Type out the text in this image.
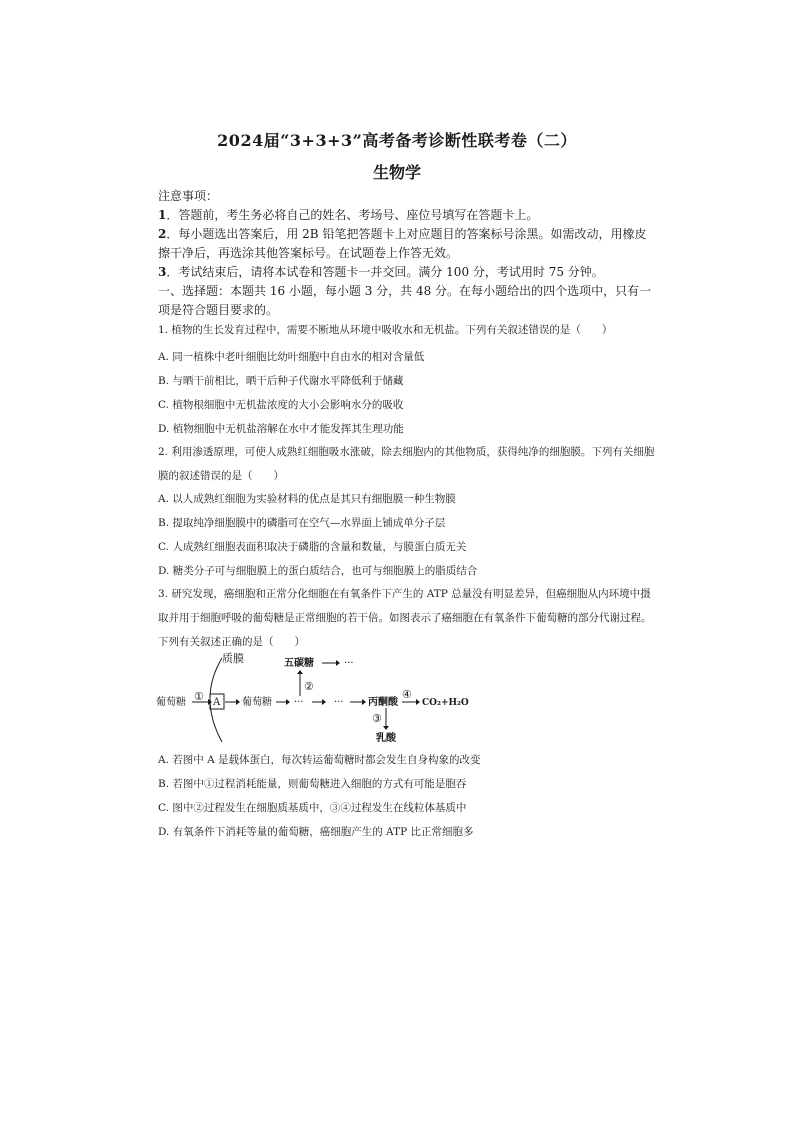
2024届“3+3+3”高考备考诊断性联考卷（二）
生物学

注意事项：

1．答题前，考生务必将自己的姓名、考场号、座位号填写在答题卡上。

2．每小题选出答案后，用 2B 铅笔把答题卡上对应题目的答案标号涂黑。如需改动，用橡皮擦干净后，再选涂其他答案标号。在试题卷上作答无效。

3．考试结束后，请将本试卷和答题卡一并交回。满分 100 分，考试用时 75 分钟。

一、选择题：本题共 16 小题，每小题 3 分，共 48 分。在每小题给出的四个选项中，只有一项是符合题目要求的。

1. 植物的生长发育过程中，需要不断地从环境中吸收水和无机盐。下列有关叙述错误的是（　　）

A. 同一植株中老叶细胞比幼叶细胞中自由水的相对含量低
B. 与晒干前相比，晒干后种子代谢水平降低利于储藏
C. 植物根细胞中无机盐浓度的大小会影响水分的吸收
D. 植物细胞中无机盐溶解在水中才能发挥其生理功能

2. 利用渗透原理，可使人成熟红细胞吸水涨破，除去细胞内的其他物质，获得纯净的细胞膜。下列有关细胞膜的叙述错误的是（　　）

A. 以人成熟红细胞为实验材料的优点是其只有细胞膜一种生物膜
B. 提取纯净细胞膜中的磷脂可在空气—水界面上铺成单分子层
C. 人成熟红细胞表面积取决于磷脂的含量和数量，与膜蛋白质无关
D. 糖类分子可与细胞膜上的蛋白质结合，也可与细胞膜上的脂质结合

3. 研究发现，癌细胞和正常分化细胞在有氧条件下产生的 ATP 总量没有明显差异，但癌细胞从内环境中摄取并用于细胞呼吸的葡萄糖是正常细胞的若干倍。如图表示了癌细胞在有氧条件下葡萄糖的部分代谢过程。下列有关叙述正确的是（　　）

质膜
葡萄糖 ① A 葡萄糖 ···	···
②
五碳糖	···
丙酮酸
④
CO₂+H₂O
③
乳酸
A. 若图中 A 是载体蛋白，每次转运葡萄糖时都会发生自身构象的改变
B. 若图中①过程消耗能量，则葡萄糖进入细胞的方式有可能是胞吞
C. 图中②过程发生在细胞质基质中，③④过程发生在线粒体基质中
D. 有氧条件下消耗等量的葡萄糖，癌细胞产生的 ATP 比正常细胞多
